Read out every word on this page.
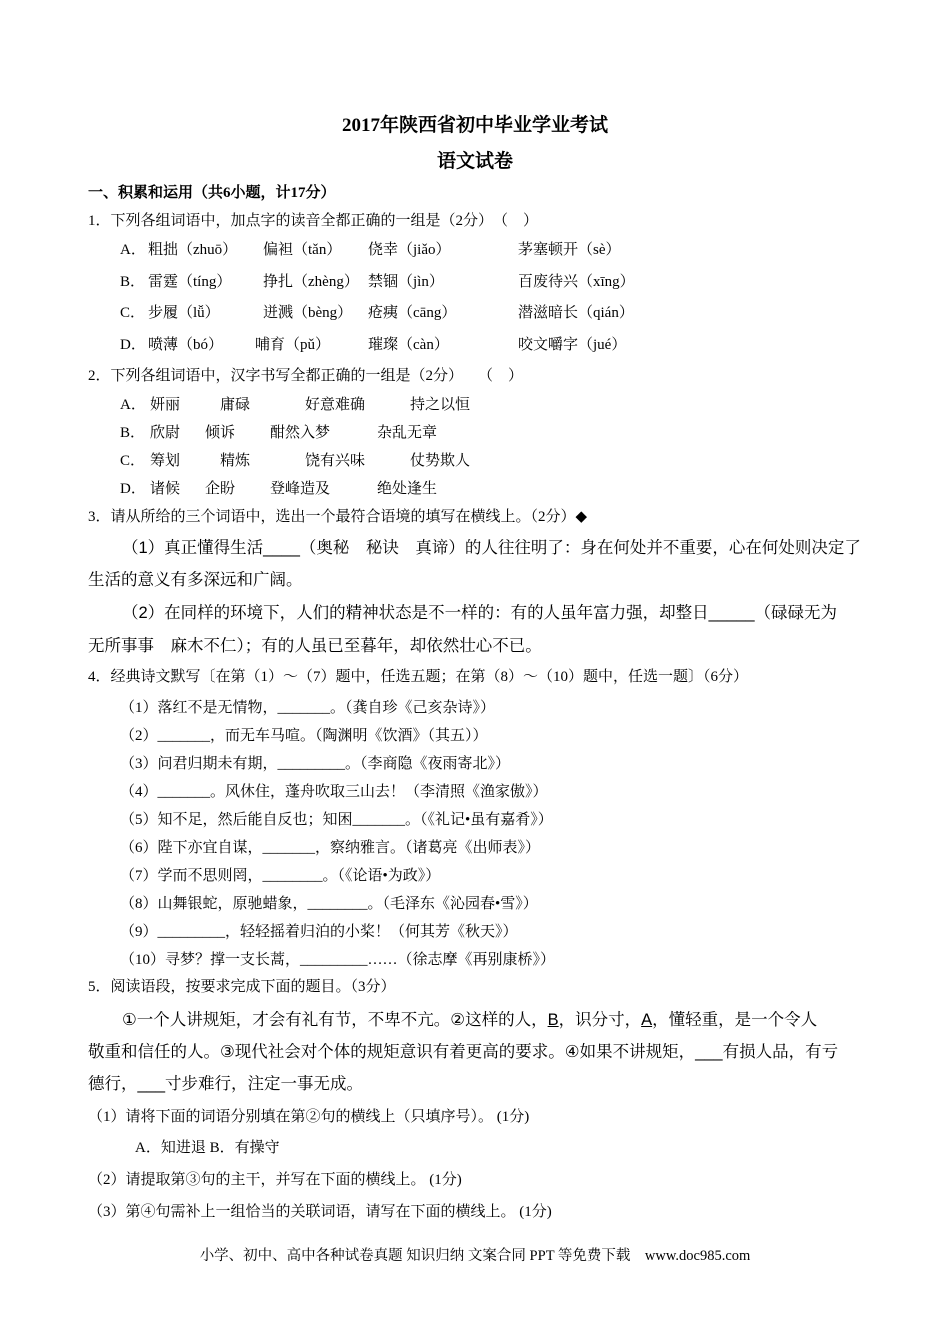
2017年陕西省初中毕业学业考试
语文试卷
一、积累和运用（共6小题，计17分）
1．下列各组词语中，加点字的读音全都正确的一组是（2分）　（　）
A． 粗拙（zhuō） 偏袒（tǎn） 侥幸（jiǎo）	茅塞顿开（sè）
B． 雷霆（tíng） 挣扎（zhèng） 禁锢（jìn）	百废待兴（xīng）
C． 步履（lǚ）	迸溅（bèng） 疮痍（cāng）	潜滋暗长（qián）
D． 喷薄（bó） 哺育（pǔ）	璀璨（càn）	咬文嚼字（jué）
2．下列各组词语中，汉字书写全都正确的一组是（2分）　　（　）
A． 妍丽	庸碌	好意难确	持之以恒
B． 欣尉 倾诉 酣然入梦	杂乱无章
C． 筹划	精炼	饶有兴味	仗势欺人
D． 诸候 企盼 登峰造及	绝处逢生
3．请从所给的三个词语中，选出一个最符合语境的填写在横线上。（2分）◆
（1）真正懂得生活____（奥秘　秘诀　真谛）的人往往明了：身在何处并不重要，心在何处则决定了
生活的意义有多深远和广阔。
（2）在同样的环境下，人们的精神状态是不一样的：有的人虽年富力强，却整日_____（碌碌无为
无所事事　麻木不仁）；有的人虽已至暮年，却依然壮心不已。
4．经典诗文默写〔在第（1）～（7）题中，任选五题；在第（8）～（10）题中，任选一题〕（6分）
（1）落红不是无情物，_______。（龚自珍《己亥杂诗》）
（2）_______，而无车马喧。（陶渊明《饮酒》（其五））
（3）问君归期未有期，_________。（李商隐《夜雨寄北》）
（4）_______。风休住，蓬舟吹取三山去！（李清照《渔家傲》）
（5）知不足，然后能自反也；知困_______。（《礼记•虽有嘉肴》）
（6）陛下亦宜自谋，_______，察纳雅言。（诸葛亮《出师表》）
（7）学而不思则罔，________。（《论语•为政》）
（8）山舞银蛇，原驰蜡象，________。（毛泽东《沁园春•雪》）
（9）_________，轻轻摇着归泊的小桨！（何其芳《秋天》）
（10）寻梦？撑一支长蒿，_________……（徐志摩《再别康桥》）
5．阅读语段，按要求完成下面的题目。（3分）
①一个人讲规矩，才会有礼有节，不卑不亢。②这样的人，B，识分寸，A，懂轻重，是一个令人
敬重和信任的人。③现代社会对个体的规矩意识有着更高的要求。④如果不讲规矩，___有损人品，有亏
德行，___寸步难行，注定一事无成。
（1）请将下面的词语分别填在第②句的横线上（只填序号）。 (1分)
A．知进退 B．有操守
（2）请提取第③句的主干，并写在下面的横线上。 (1分)
（3）第④句需补上一组恰当的关联词语，请写在下面的横线上。 (1分)
小学、初中、高中各种试卷真题 知识归纳 文案合同 PPT 等免费下载　www.doc985.com
